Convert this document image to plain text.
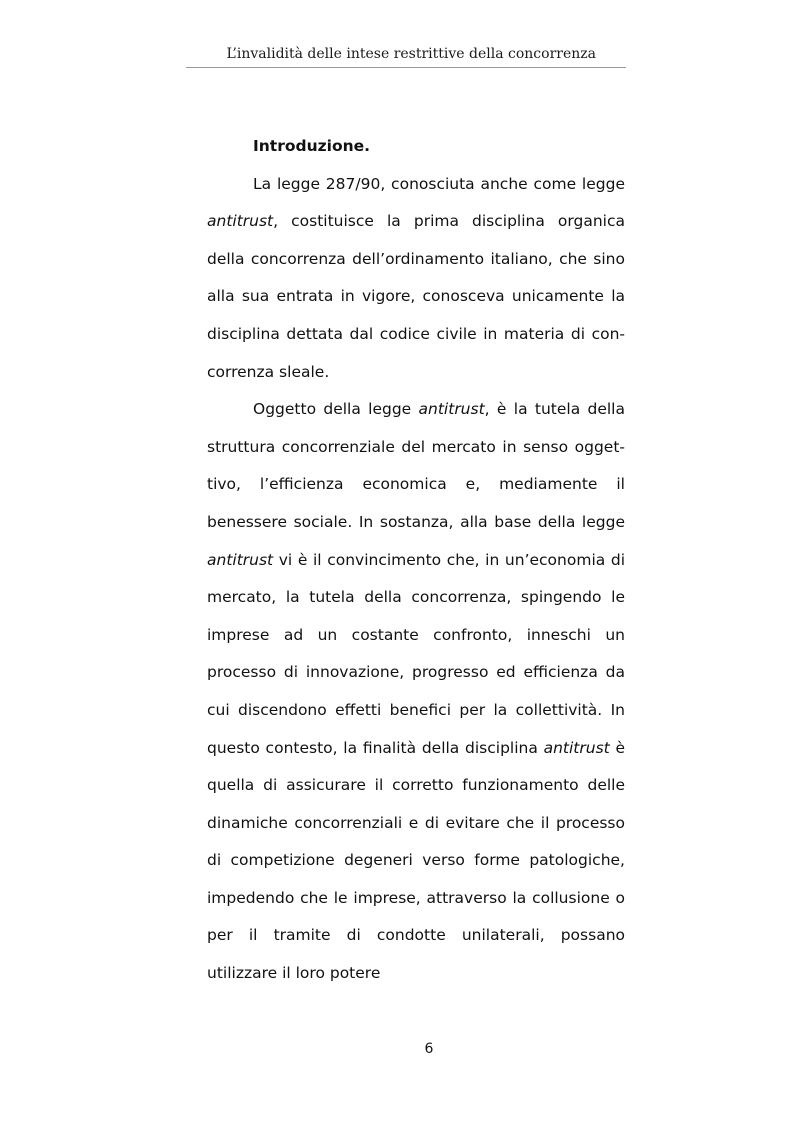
L’invalidità delle intese restrittive della concorrenza

Introduzione.

La legge 287/90, conosciuta anche come legge antitrust, costituisce la prima disciplina organica della concorrenza dell’ordinamento italiano, che sino alla sua entrata in vigore, conosceva unicamente la disciplina dettata dal codice civile in materia di concorrenza sleale.

Oggetto della legge antitrust, è la tutela della struttura concorrenziale del mercato in senso oggettivo, l’efficienza economica e, mediamente il benessere sociale. In sostanza, alla base della legge antitrust vi è il convincimento che, in un’economia di mercato, la tutela della concorrenza, spingendo le imprese ad un costante confronto, inneschi un processo di innovazione, progresso ed efficienza da cui discendono effetti benefici per la collettività. In questo contesto, la finalità della disciplina antitrust è quella di assicurare il corretto funzionamento delle dinamiche concorrenziali e di evitare che il processo di competizione degeneri verso forme patologiche, impedendo che le imprese, attraverso la collusione o per il tramite di condotte unilaterali, possano utilizzare il loro potere

6
